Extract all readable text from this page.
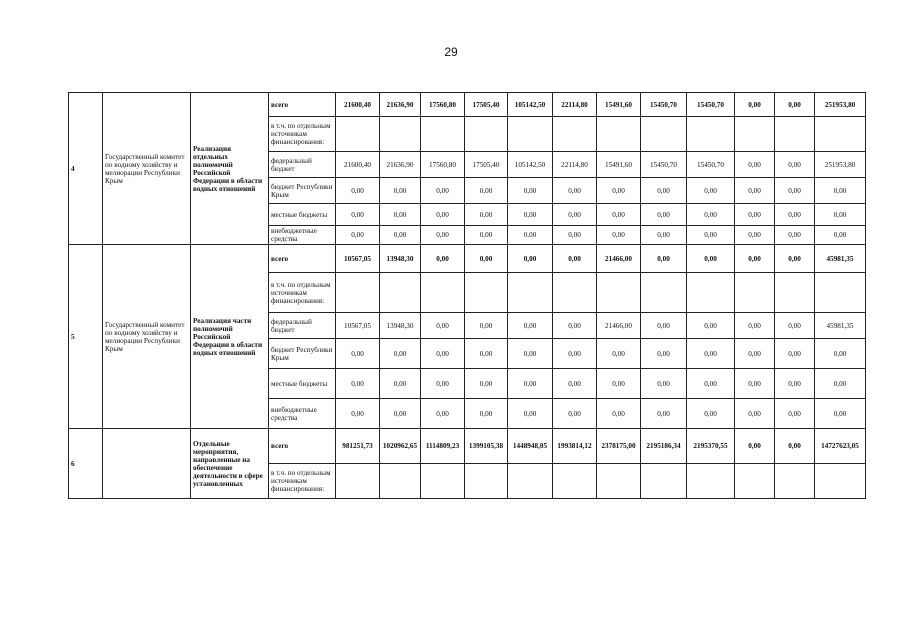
29
4	Государственный комитет по водному хозяйству и мелиорации Республики Крым	Реализация отдельных полномочий Российской Федерации в области водных отношений	всего	21600,40	21636,90	17560,80	17505,40	105142,50	22114,80	15491,60	15450,70	15450,70	0,00	0,00	251953,80
			в т.ч. по отдельным источникам финансирования:												
			федеральный бюджет	21600,40	21636,90	17560,80	17505,40	105142,50	22114,80	15491,60	15450,70	15450,70	0,00	0,00	251953,80
			бюджет Республики Крым	0,00	0,00	0,00	0,00	0,00	0,00	0,00	0,00	0,00	0,00	0,00	0,00
			местные бюджеты	0,00	0,00	0,00	0,00	0,00	0,00	0,00	0,00	0,00	0,00	0,00	0,00
			внебюджетные средства	0,00	0,00	0,00	0,00	0,00	0,00	0,00	0,00	0,00	0,00	0,00	0,00
5	Государственный комитет по водному хозяйству и мелиорации Республики Крым	Реализация части полномочий Российской Федерации в области водных отношений	всего	10567,05	13948,30	0,00	0,00	0,00	0,00	21466,00	0,00	0,00	0,00	0,00	45981,35
			в т.ч. по отдельным источникам финансирования:												
			федеральный бюджет	10567,05	13948,30	0,00	0,00	0,00	0,00	21466,00	0,00	0,00	0,00	0,00	45981,35
			бюджет Республики Крым	0,00	0,00	0,00	0,00	0,00	0,00	0,00	0,00	0,00	0,00	0,00	0,00
			местные бюджеты	0,00	0,00	0,00	0,00	0,00	0,00	0,00	0,00	0,00	0,00	0,00	0,00
			внебюджетные средства	0,00	0,00	0,00	0,00	0,00	0,00	0,00	0,00	0,00	0,00	0,00	0,00
6		Отдельные мероприятия, направленные на обеспечение деятельности в сфере установленных	всего	981251,73	1020962,65	1114809,23	1399105,38	1448948,05	1993814,12	2378175,00	2195186,34	2195370,55	0,00	0,00	14727623,05
			в т.ч. по отдельным источникам финансирования:												
